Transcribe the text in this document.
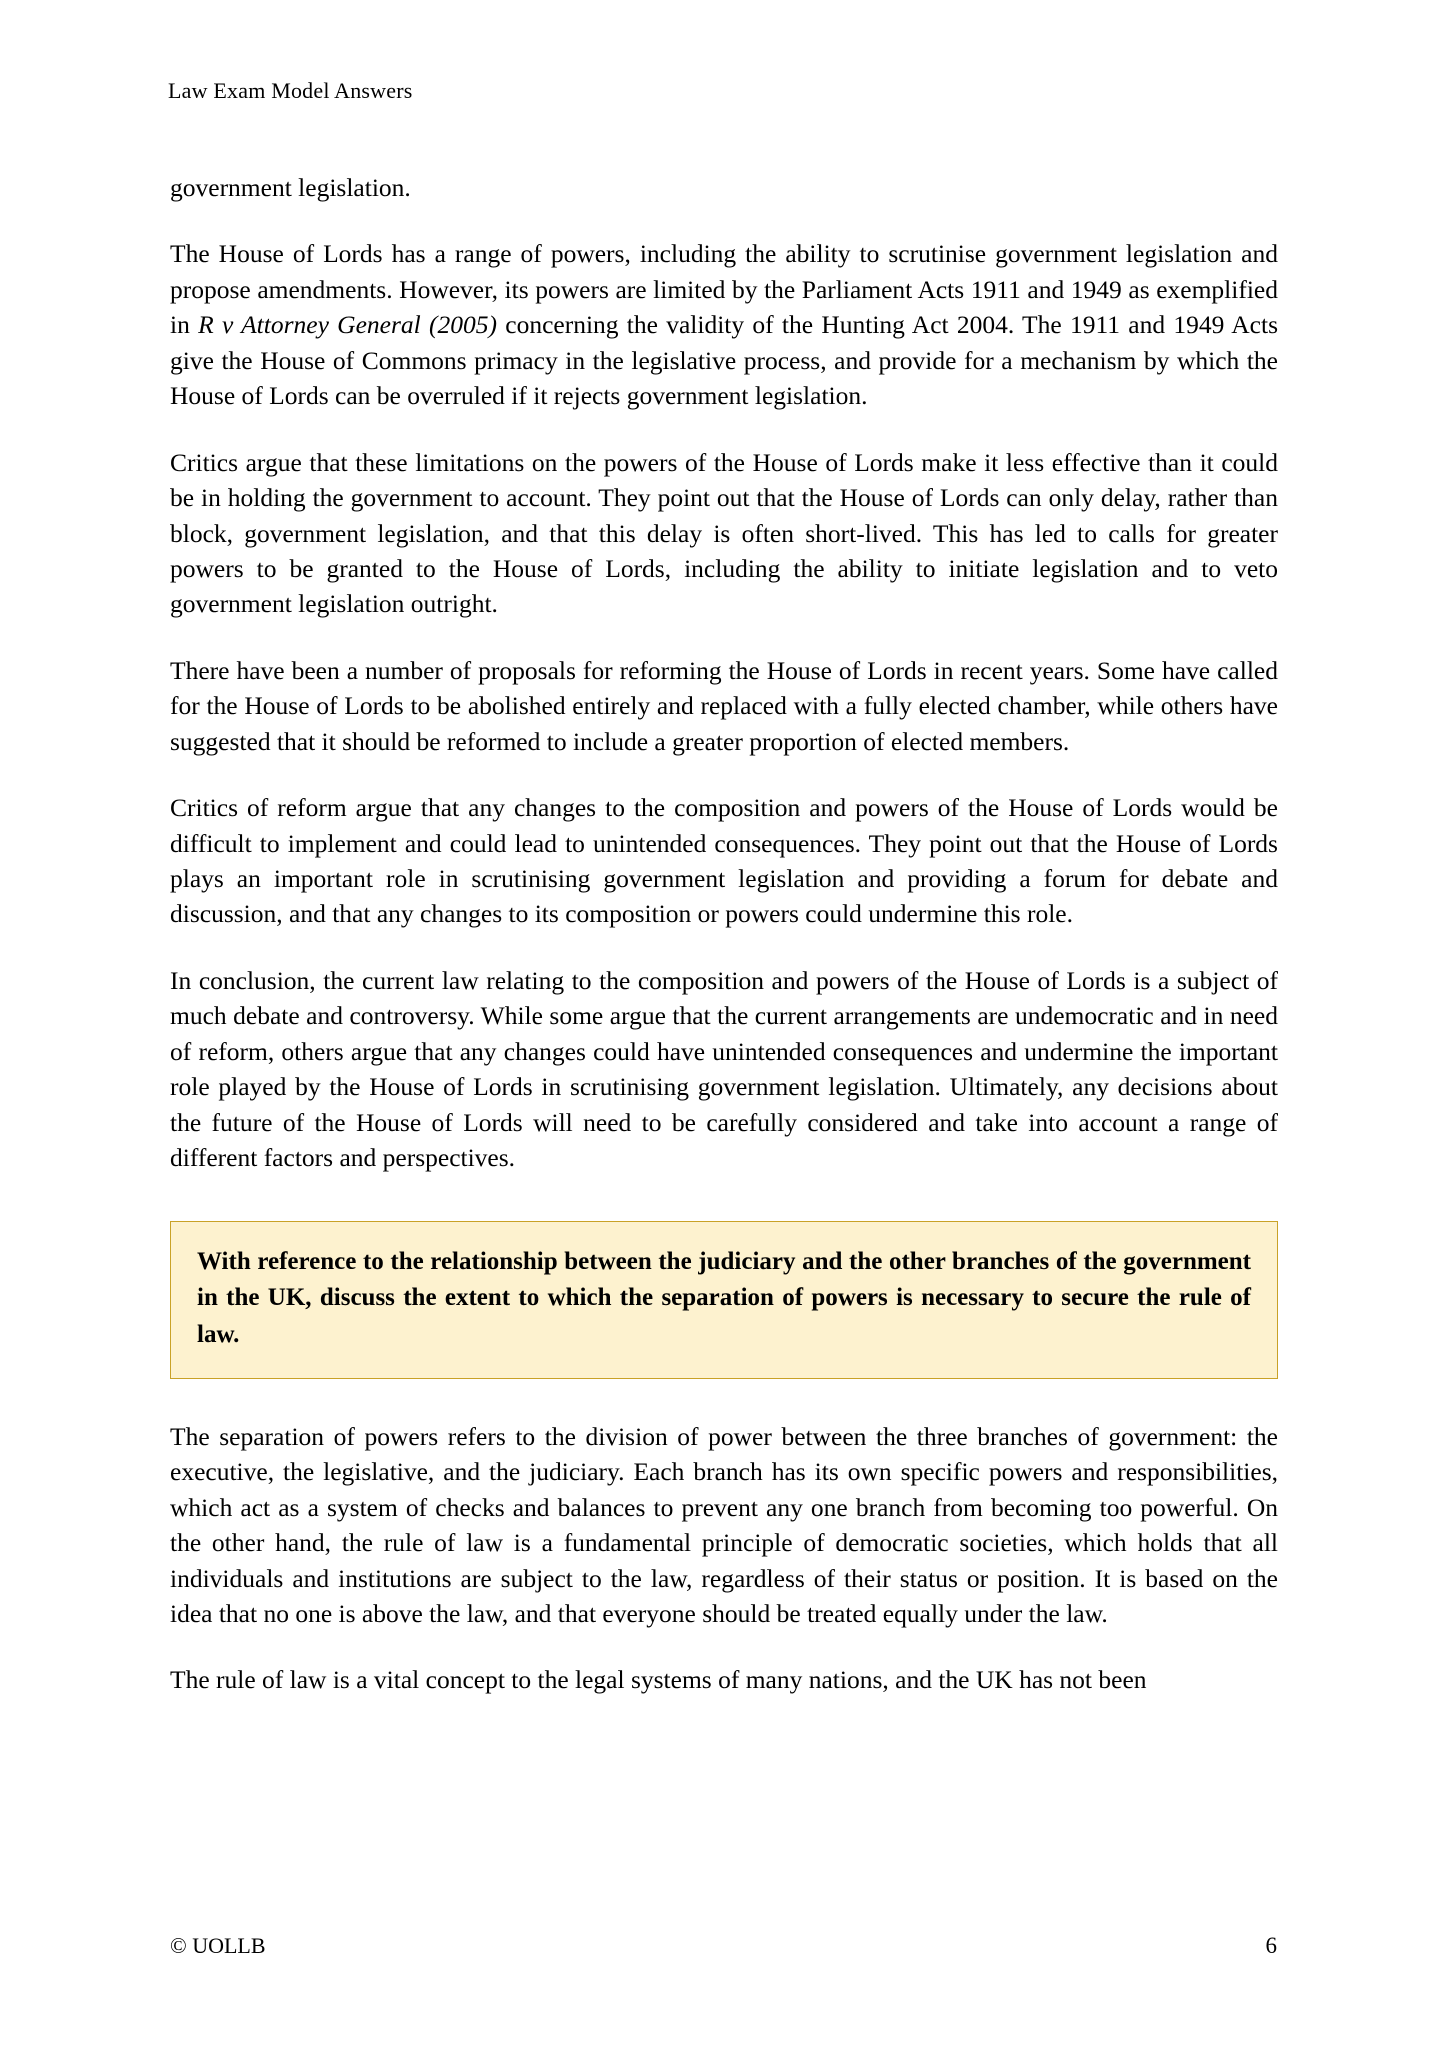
Law Exam Model Answers

government legislation.

The House of Lords has a range of powers, including the ability to scrutinise government legislation and propose amendments. However, its powers are limited by the Parliament Acts 1911 and 1949 as exemplified in R v Attorney General (2005) concerning the validity of the Hunting Act 2004. The 1911 and 1949 Acts give the House of Commons primacy in the legislative process, and provide for a mechanism by which the House of Lords can be overruled if it rejects government legislation.

Critics argue that these limitations on the powers of the House of Lords make it less effective than it could be in holding the government to account. They point out that the House of Lords can only delay, rather than block, government legislation, and that this delay is often short-lived. This has led to calls for greater powers to be granted to the House of Lords, including the ability to initiate legislation and to veto government legislation outright.

There have been a number of proposals for reforming the House of Lords in recent years. Some have called for the House of Lords to be abolished entirely and replaced with a fully elected chamber, while others have suggested that it should be reformed to include a greater proportion of elected members.

Critics of reform argue that any changes to the composition and powers of the House of Lords would be difficult to implement and could lead to unintended consequences. They point out that the House of Lords plays an important role in scrutinising government legislation and providing a forum for debate and discussion, and that any changes to its composition or powers could undermine this role.

In conclusion, the current law relating to the composition and powers of the House of Lords is a subject of much debate and controversy. While some argue that the current arrangements are undemocratic and in need of reform, others argue that any changes could have unintended consequences and undermine the important role played by the House of Lords in scrutinising government legislation. Ultimately, any decisions about the future of the House of Lords will need to be carefully considered and take into account a range of different factors and perspectives.

With reference to the relationship between the judiciary and the other branches of the government in the UK, discuss the extent to which the separation of powers is necessary to secure the rule of law.

The separation of powers refers to the division of power between the three branches of government: the executive, the legislative, and the judiciary. Each branch has its own specific powers and responsibilities, which act as a system of checks and balances to prevent any one branch from becoming too powerful. On the other hand, the rule of law is a fundamental principle of democratic societies, which holds that all individuals and institutions are subject to the law, regardless of their status or position. It is based on the idea that no one is above the law, and that everyone should be treated equally under the law.

The rule of law is a vital concept to the legal systems of many nations, and the UK has not been

© UOLLB	6
